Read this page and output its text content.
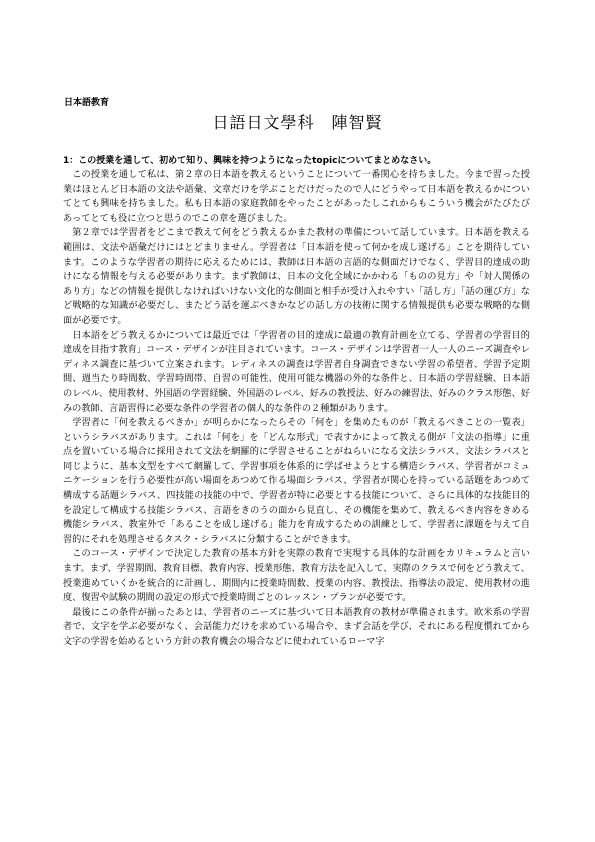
日本語教育
日語日文學科　陣智賢
1：この授業を通して、初めて知り、興味を持つようになったtopicについてまとめなさい。

この授業を通して私は、第２章の日本語を教えるということについて一番関心を持ちました。今まで習った授業はほとんど日本語の文法や語彙、文章だけを学ぶことだけだったので人にどうやって日本語を教えるかについてとても興味を持ちました。私も日本語の家庭教師をやったことがあったしこれからもこういう機会がたびたびあってとても役に立つと思うのでこの章を選びました。

第２章では学習者をどこまで教えて何をどう教えるかまた教材の準備について話しています。日本語を教える範囲は、文法や語彙だけにはとどまりません。学習者は「日本語を使って何かを成し遂げる」ことを期待しています。このような学習者の期待に応えるためには、教師は日本語の言語的な側面だけでなく、学習目的達成の助けになる情報を与える必要があります。まず教師は、日本の文化全域にかかわる「ものの見方」や「対人関係のあり方」などの情報を提供しなければいけない文化的な側面と相手が受け入れやすい「話し方」「話の運び方」など戦略的な知識が必要だし、またどう話を運ぶべきかなどの話し方の技術に関する情報提供も必要な戦略的な側面が必要です。

日本語をどう教えるかについては最近では「学習者の目的達成に最適の教育計画を立てる、学習者の学習目的達成を目指す教育」コース・デザインが注目されています。コース・デザインは学習者一人一人のニーズ調査やレディネス調査に基づいて立案されます。レディネスの調査は学習者自身調査できない学習の希望者、学習予定期間、週当たり時間数、学習時間帯、自習の可能性、使用可能な機器の外的な条件と、日本語の学習経験、日本語のレベル、使用教材、外国語の学習経験、外国語のレベル、好みの教授法、好みの練習法、好みのクラス形態、好みの教師、言語習得に必要な条件の学習者の個人的な条件の２種類があります。

学習者に「何を教えるべきか」が明らかになったらその「何を」を集めたものが「教えるべきことの一覧表」というシラバスがあります。これは「何を」を「どんな形式」で表すかによって教える側が「文法の指導」に重点を置いている場合に採用されて文法を網羅的に学習させることがねらいになる文法シラバス、文法シラバスと同じように、基本文型をすべて網羅して、学習事項を体系的に学ばせようとする構造シラバス、学習者がコミュニケーションを行う必要性が高い場面をあつめて作る場面シラバス、学習者が関心を持っている話題をあつめて構成する話題シラバス、四技能の技能の中で、学習者が特に必要とする技能について、さらに具体的な技能目的を設定して構成する技能シラバス、言語をきのうの面から見直し、その機能を集めて、教えるべき内容をきめる機能シラバス、教室外で「あることを成し遂げる」能力を育成するための訓練として、学習者に課題を与えて自習的にそれを処理させるタスク・シラバスに分類することができます。

このコース・デザインで決定した教育の基本方針を実際の教育で実現する具体的な計画をカリキュラムと言います。まず、学習期間、教育目標、教育内容、授業形態、教育方法を記入して、実際のクラスで何をどう教えて、授業進めていくかを統合的に計画し、期間内に授業時間数、授業の内容、教授法、指導法の設定、使用教材の進度、復習や試験の期間の設定の形式で授業時間ごとのレッスン・プランが必要です。

最後にこの条件が揃ったあとは、学習者のニーズに基づいて日本語教育の教材が準備されます。欧米系の学習者で、文字を学ぶ必要がなく、会話能力だけを求めている場合や、まず会話を学び、それにある程度慣れてから文字の学習を始めるという方針の教育機会の場合などに使われているローマ字
